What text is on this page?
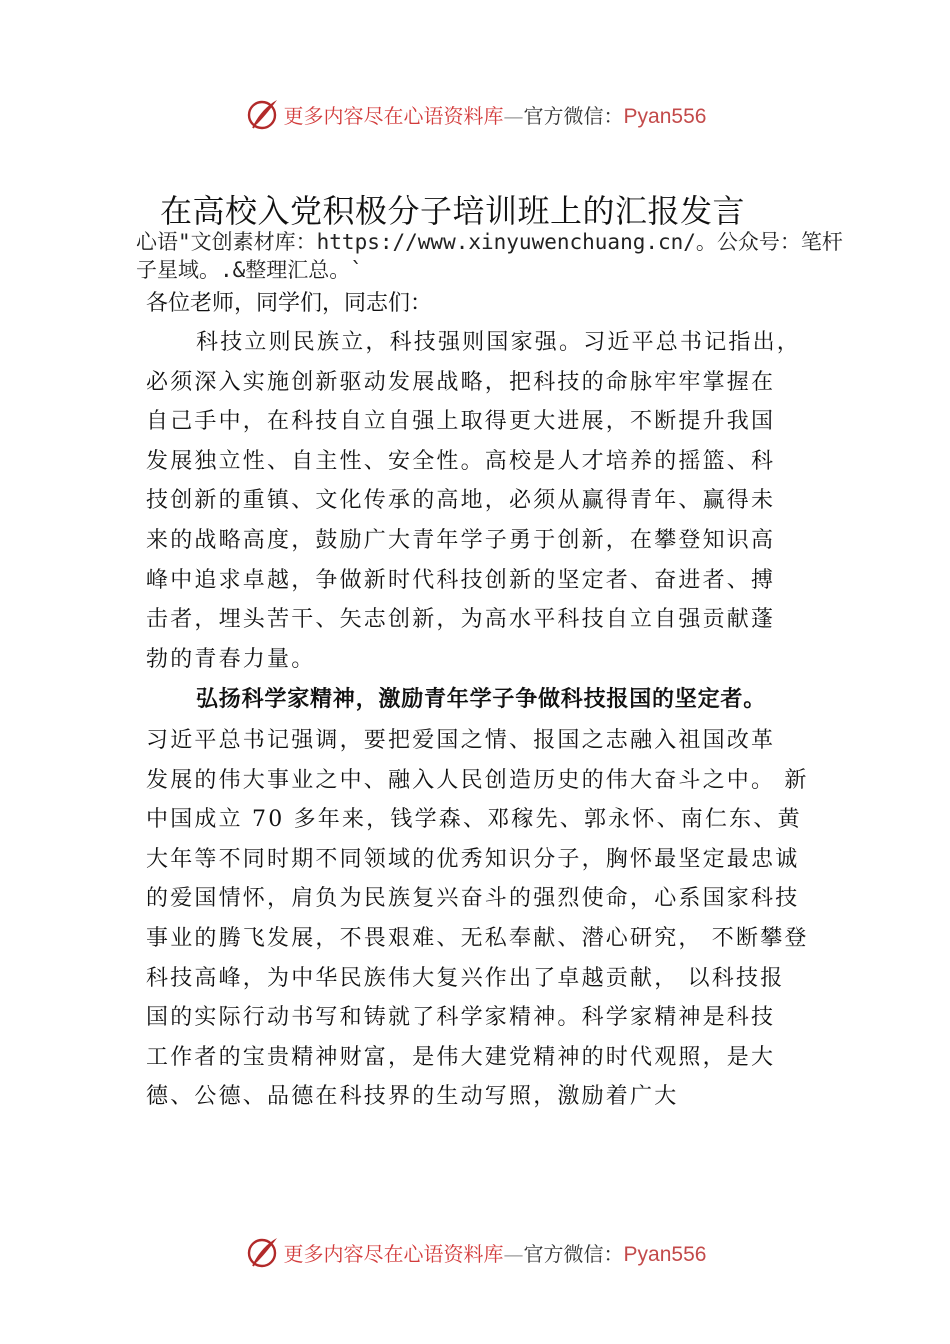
更多内容尽在心语资料库—官方微信：Pyan556
在高校入党积极分子培训班上的汇报发言
心语"文创素材库：https://www.xinyuwenchuang.cn/。公众号：笔杆子星域。.&整理汇总。`
各位老师，同学们，同志们：
科技立则民族立，科技强则国家强。习近平总书记指出，
必须深入实施创新驱动发展战略，把科技的命脉牢牢掌握在
自己手中，在科技自立自强上取得更大进展，不断提升我国
发展独立性、自主性、安全性。高校是人才培养的摇篮、科
技创新的重镇、文化传承的高地，必须从赢得青年、赢得未
来的战略高度，鼓励广大青年学子勇于创新，在攀登知识高
峰中追求卓越，争做新时代科技创新的坚定者、奋进者、搏
击者，埋头苦干、矢志创新，为高水平科技自立自强贡献蓬
勃的青春力量。
弘扬科学家精神，激励青年学子争做科技报国的坚定者。
习近平总书记强调，要把爱国之情、报国之志融入祖国改革
发展的伟大事业之中、融入人民创造历史的伟大奋斗之中。 新
中国成立 70 多年来，钱学森、邓稼先、郭永怀、南仁东、黄
大年等不同时期不同领域的优秀知识分子，胸怀最坚定最忠诚
的爱国情怀，肩负为民族复兴奋斗的强烈使命，心系国家科技
事业的腾飞发展，不畏艰难、无私奉献、潜心研究， 不断攀登
科技高峰，为中华民族伟大复兴作出了卓越贡献， 以科技报
国的实际行动书写和铸就了科学家精神。科学家精神是科技
工作者的宝贵精神财富，是伟大建党精神的时代观照，是大
德、公德、品德在科技界的生动写照，激励着广大
更多内容尽在心语资料库—官方微信：Pyan556
